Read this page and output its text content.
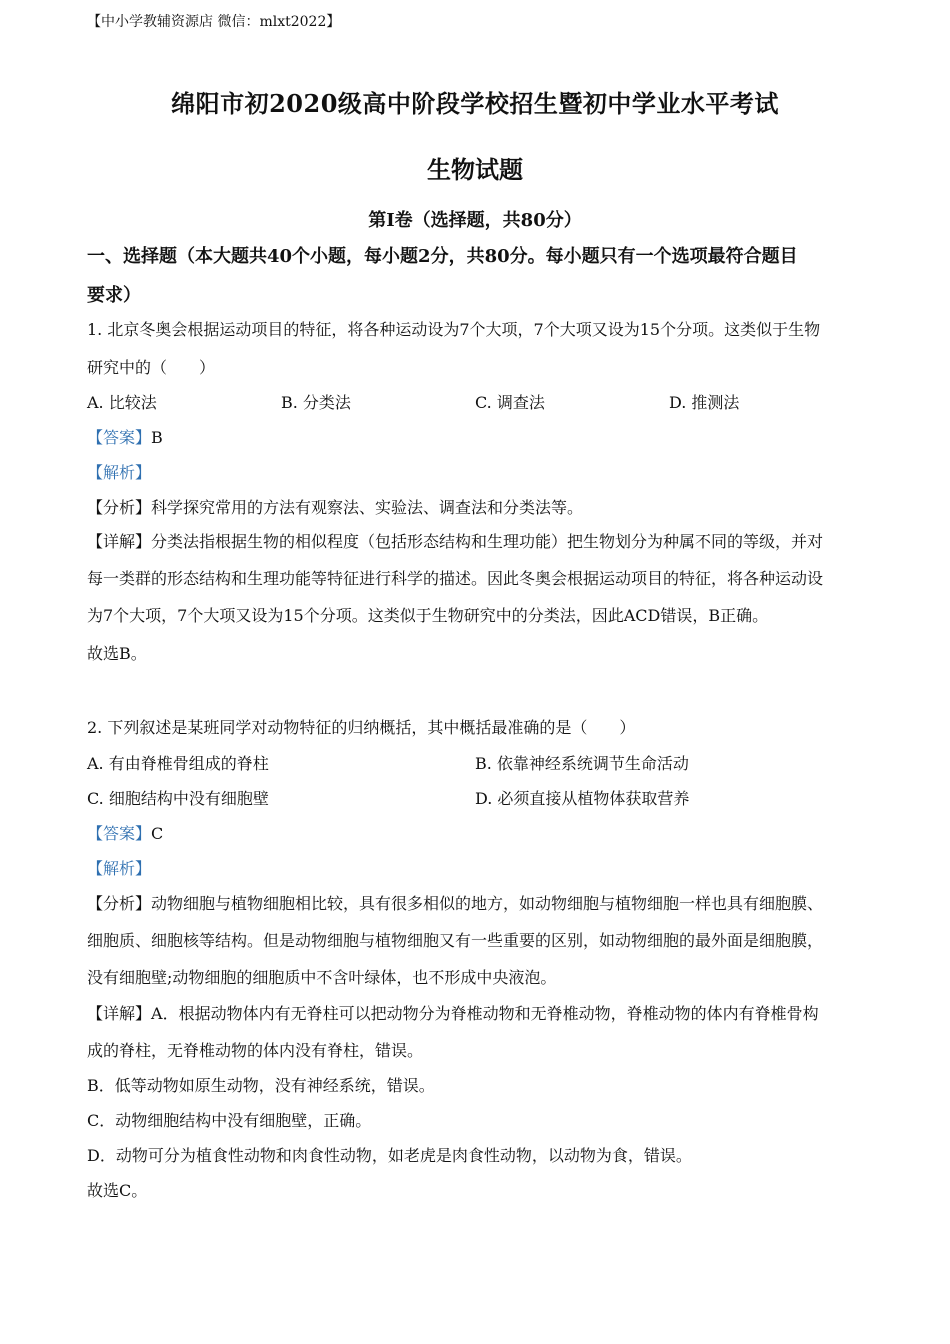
【中小学教辅资源店 微信：mlxt2022】
绵阳市初2020级高中阶段学校招生暨初中学业水平考试
生物试题
第I卷（选择题，共80分）
一、选择题（本大题共40个小题，每小题2分，共80分。每小题只有一个选项最符合题目
要求）
1. 北京冬奥会根据运动项目的特征，将各种运动设为7个大项，7个大项又设为15个分项。这类似于生物
研究中的（　　）
A. 比较法	B. 分类法	C. 调查法	D. 推测法
【答案】B
【解析】
【分析】科学探究常用的方法有观察法、实验法、调查法和分类法等。
【详解】分类法指根据生物的相似程度（包括形态结构和生理功能）把生物划分为种属不同的等级，并对
每一类群的形态结构和生理功能等特征进行科学的描述。因此冬奥会根据运动项目的特征，将各种运动设
为7个大项，7个大项又设为15个分项。这类似于生物研究中的分类法，因此ACD错误，B正确。
故选B。
2. 下列叙述是某班同学对动物特征的归纳概括，其中概括最准确的是（　　）
A. 有由脊椎骨组成的脊柱	B. 依靠神经系统调节生命活动
C. 细胞结构中没有细胞壁	D. 必须直接从植物体获取营养
【答案】C
【解析】
【分析】动物细胞与植物细胞相比较，具有很多相似的地方，如动物细胞与植物细胞一样也具有细胞膜、
细胞质、细胞核等结构。但是动物细胞与植物细胞又有一些重要的区别，如动物细胞的最外面是细胞膜，
没有细胞壁;动物细胞的细胞质中不含叶绿体，也不形成中央液泡。
【详解】A．根据动物体内有无脊柱可以把动物分为脊椎动物和无脊椎动物，脊椎动物的体内有脊椎骨构
成的脊柱，无脊椎动物的体内没有脊柱，错误。
B．低等动物如原生动物，没有神经系统，错误。
C．动物细胞结构中没有细胞壁，正确。
D．动物可分为植食性动物和肉食性动物，如老虎是肉食性动物，以动物为食，错误。
故选C。
